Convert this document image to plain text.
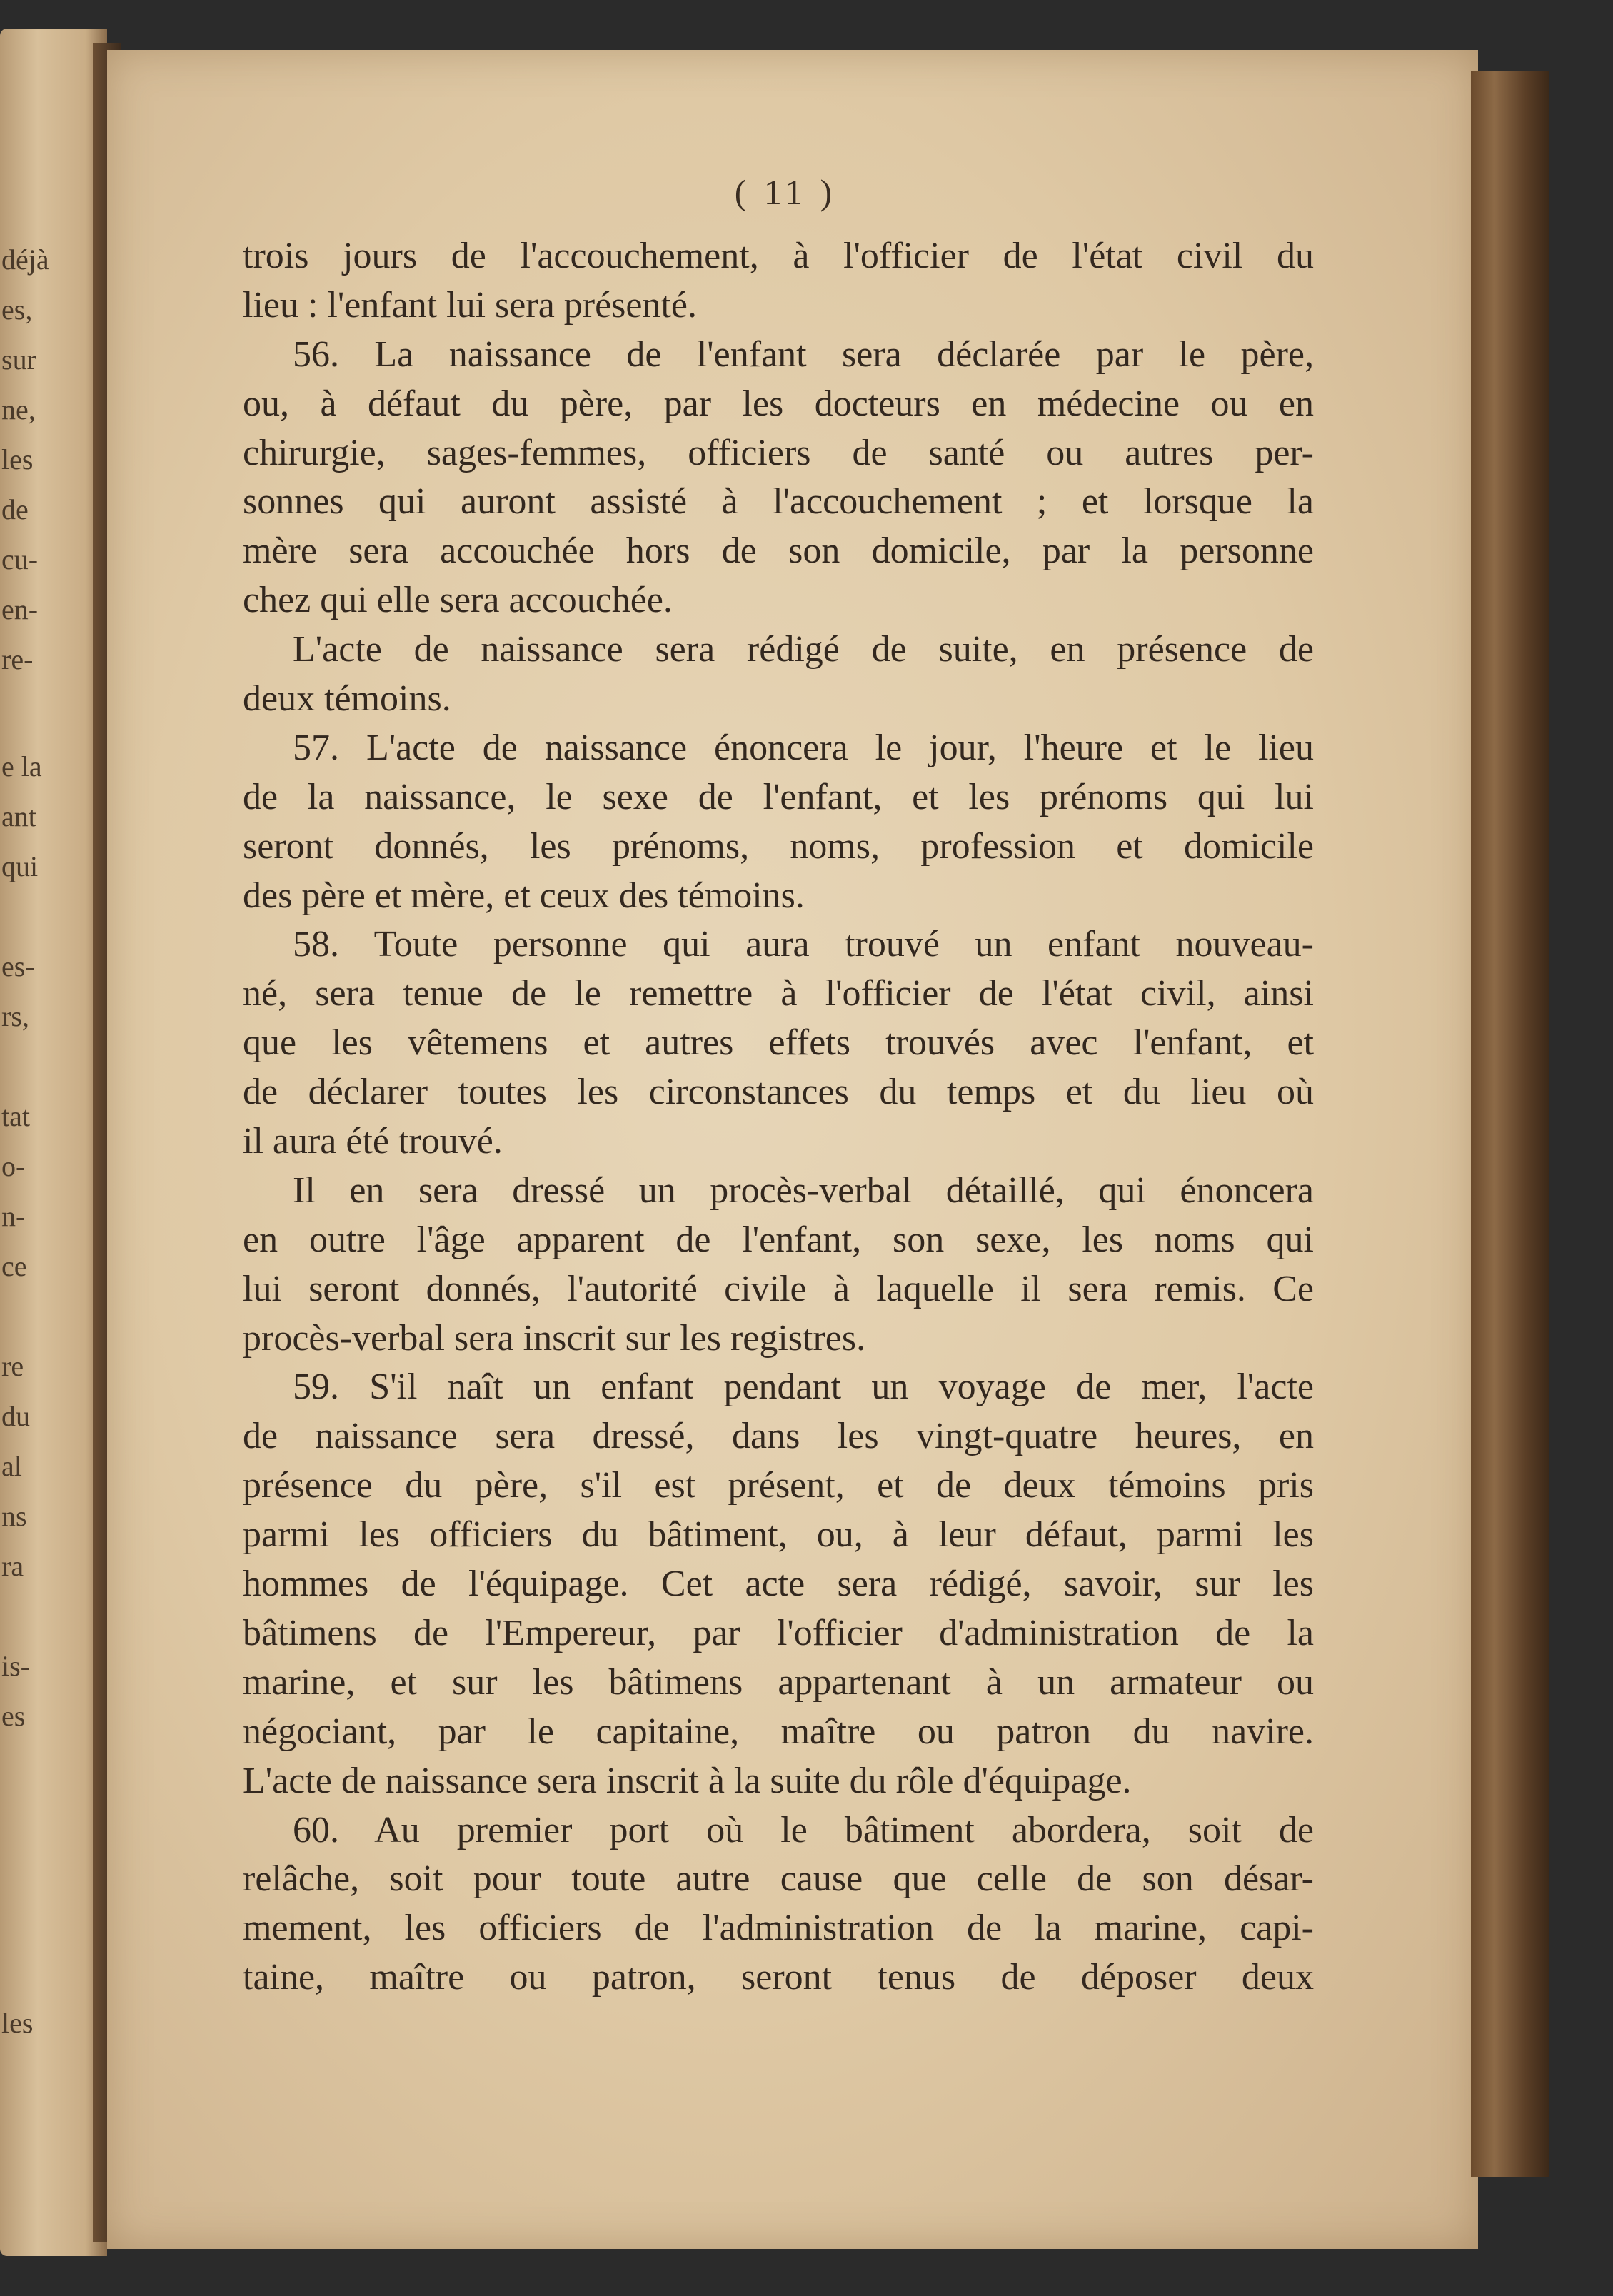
déjà
es,
sur
ne,
les
de
cu-
en-
re-
e la
ant
qui
es-
rs,
tat
o-
n-
ce
re
du
al
ns
ra
is-
es
les
( 11 )
trois jours de l'accouchement, à l'officier de l'état civil du
lieu : l'enfant lui sera présenté.
56. La naissance de l'enfant sera déclarée par le père,
ou, à défaut du père, par les docteurs en médecine ou en
chirurgie, sages-femmes, officiers de santé ou autres per-
sonnes qui auront assisté à l'accouchement ; et lorsque la
mère sera accouchée hors de son domicile, par la personne
chez qui elle sera accouchée.
L'acte de naissance sera rédigé de suite, en présence de
deux témoins.
57. L'acte de naissance énoncera le jour, l'heure et le lieu
de la naissance, le sexe de l'enfant, et les prénoms qui lui
seront donnés, les prénoms, noms, profession et domicile
des père et mère, et ceux des témoins.
58. Toute personne qui aura trouvé un enfant nouveau-
né, sera tenue de le remettre à l'officier de l'état civil, ainsi
que les vêtemens et autres effets trouvés avec l'enfant, et
de déclarer toutes les circonstances du temps et du lieu où
il aura été trouvé.
Il en sera dressé un procès-verbal détaillé, qui énoncera
en outre l'âge apparent de l'enfant, son sexe, les noms qui
lui seront donnés, l'autorité civile à laquelle il sera remis. Ce
procès-verbal sera inscrit sur les registres.
59. S'il naît un enfant pendant un voyage de mer, l'acte
de naissance sera dressé, dans les vingt-quatre heures, en
présence du père, s'il est présent, et de deux témoins pris
parmi les officiers du bâtiment, ou, à leur défaut, parmi les
hommes de l'équipage. Cet acte sera rédigé, savoir, sur les
bâtimens de l'Empereur, par l'officier d'administration de la
marine, et sur les bâtimens appartenant à un armateur ou
négociant, par le capitaine, maître ou patron du navire.
L'acte de naissance sera inscrit à la suite du rôle d'équipage.
60. Au premier port où le bâtiment abordera, soit de
relâche, soit pour toute autre cause que celle de son désar-
mement, les officiers de l'administration de la marine, capi-
taine, maître ou patron, seront tenus de déposer deux
